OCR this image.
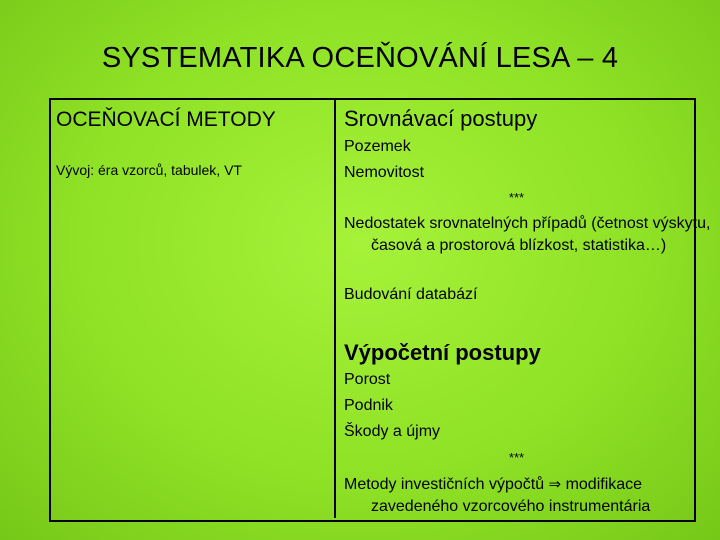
SYSTEMATIKA OCEŇOVÁNÍ LESA – 4
OCEŇOVACÍ METODY
Vývoj: éra vzorců, tabulek, VT
Srovnávací postupy
Pozemek
Nemovitost
***
Nedostatek srovnatelných případů (četnost výskytu, časová a prostorová blízkost, statistika…)
Budování databází
Výpočetní postupy
Porost
Podnik
Škody a újmy
***
Metody investičních výpočtů ⇒ modifikace zavedeného vzorcového instrumentária
